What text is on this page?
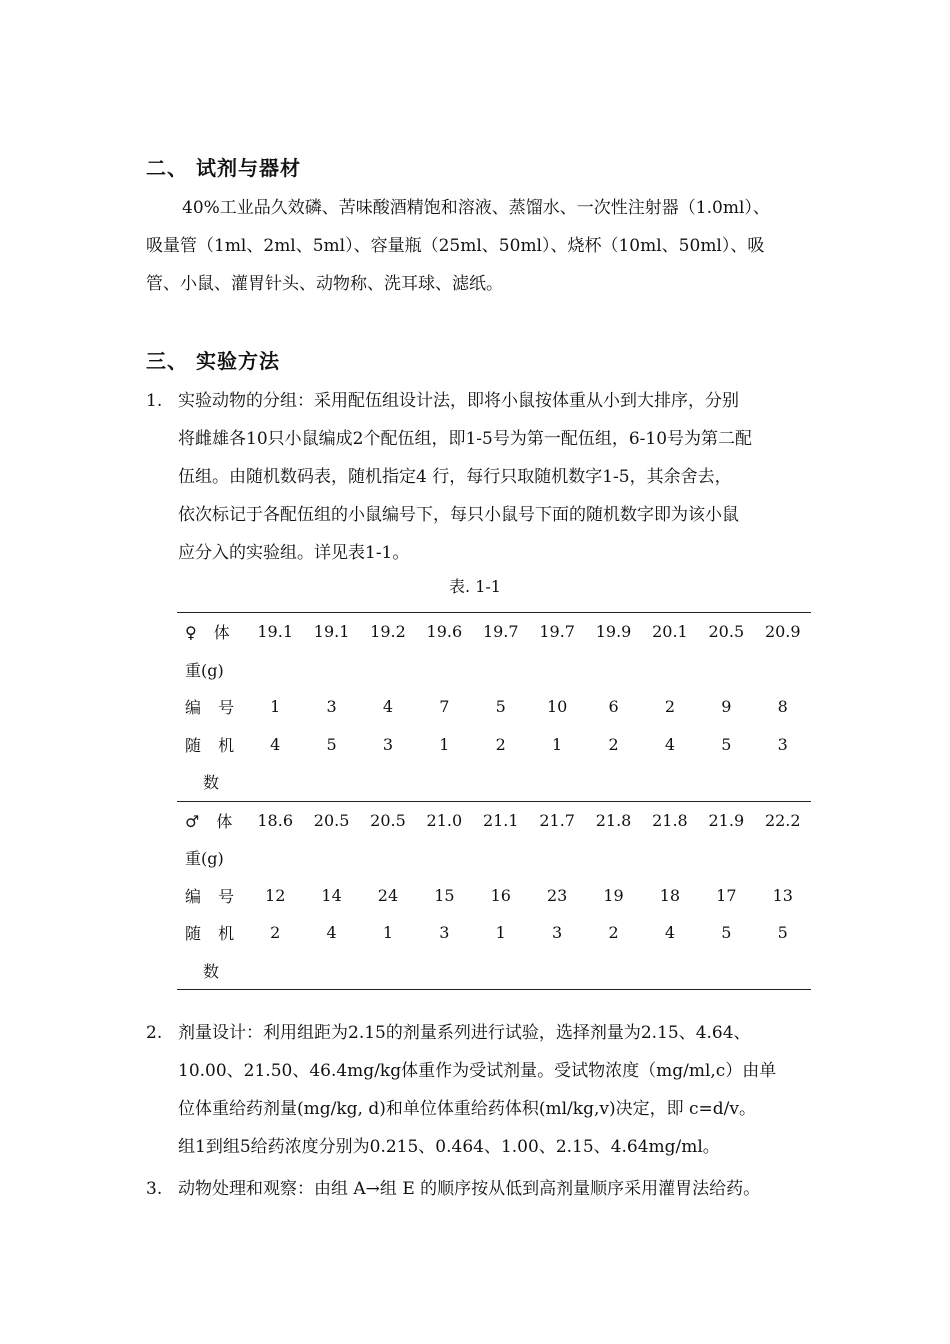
二、 试剂与器材

40%工业品久效磷、苦味酸酒精饱和溶液、蒸馏水、一次性注射器（1.0ml）、

吸量管（1ml、2ml、5ml）、容量瓶（25ml、50ml）、烧杯（10ml、50ml）、吸

管、小鼠、灌胃针头、动物称、洗耳球、滤纸。

三、 实验方法
1. 实验动物的分组：采用配伍组设计法，即将小鼠按体重从小到大排序，分别
将雌雄各10只小鼠编成2个配伍组，即1-5号为第一配伍组，6-10号为第二配
伍组。由随机数码表，随机指定4 行，每行只取随机数字1-5，其余舍去，
依次标记于各配伍组的小鼠编号下，每只小鼠号下面的随机数字即为该小鼠
应分入的实验组。详见表1-1。
表. 1-1
♀ 体	19.1	19.1	19.2	19.6	19.7	19.7	19.9	20.1	20.5	20.9
重(g)										
编 号	1	3	4	7	5	10	6	2	9	8
随 机	4	5	3	1	2	1	2	4	5	3
数										
♂ 体	18.6	20.5	20.5	21.0	21.1	21.7	21.8	21.8	21.9	22.2
重(g)										
编 号	12	14	24	15	16	23	19	18	17	13
随 机	2	4	1	3	1	3	2	4	5	5
数										
2. 剂量设计：利用组距为2.15的剂量系列进行试验，选择剂量为2.15、4.64、
10.00、21.50、46.4mg/kg体重作为受试剂量。受试物浓度（mg/ml,c）由单
位体重给药剂量(mg/kg, d)和单位体重给药体积(ml/kg,v)决定，即 c=d/v。
组1到组5给药浓度分别为0.215、0.464、1.00、2.15、4.64mg/ml。
3. 动物处理和观察：由组 A→组 E 的顺序按从低到高剂量顺序采用灌胃法给药。
